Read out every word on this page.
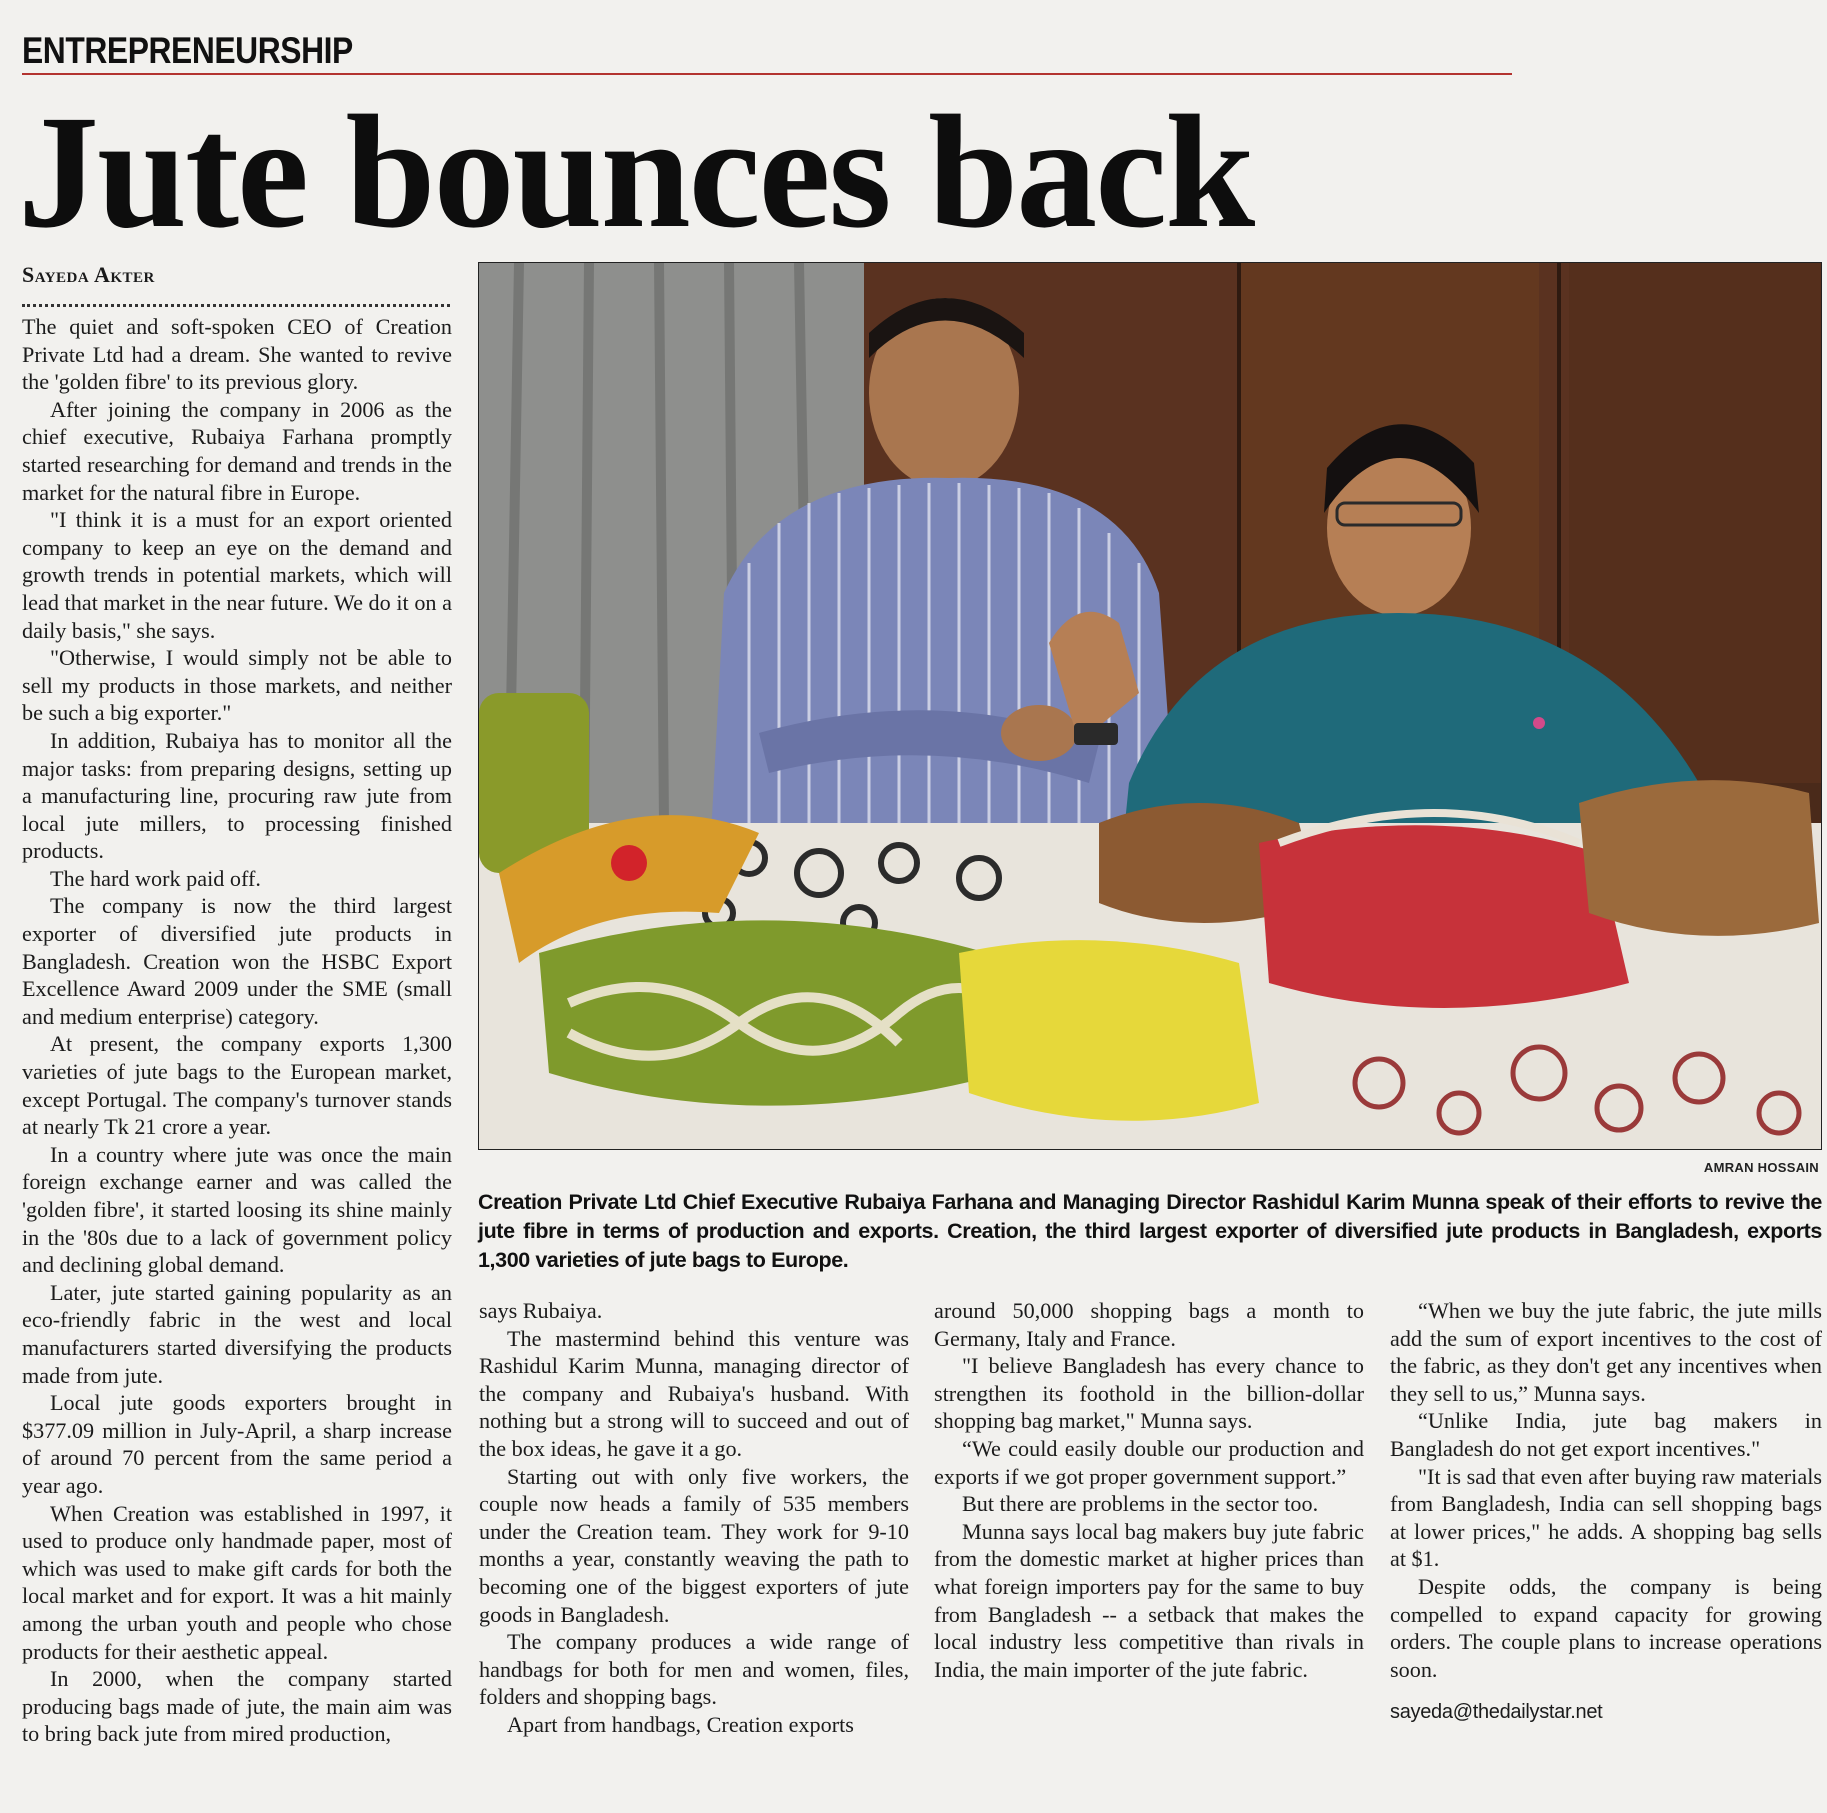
ENTREPRENEURSHIP
Jute bounces back
Sayeda Akter

The quiet and soft-spoken CEO of Creation Private Ltd had a dream. She wanted to revive the 'golden fibre' to its previous glory.

After joining the company in 2006 as the chief executive, Rubaiya Farhana promptly started researching for demand and trends in the market for the natural fibre in Europe.

"I think it is a must for an export oriented company to keep an eye on the demand and growth trends in potential markets, which will lead that market in the near future. We do it on a daily basis," she says.

"Otherwise, I would simply not be able to sell my products in those markets, and neither be such a big exporter."

In addition, Rubaiya has to monitor all the major tasks: from preparing designs, setting up a manufacturing line, procuring raw jute from local jute millers, to processing finished products.

The hard work paid off.

The company is now the third largest exporter of diversified jute products in Bangladesh. Creation won the HSBC Export Excellence Award 2009 under the SME (small and medium enterprise) category.

At present, the company exports 1,300 varieties of jute bags to the European market, except Portugal. The company's turnover stands at nearly Tk 21 crore a year.

In a country where jute was once the main foreign exchange earner and was called the 'golden fibre', it started loosing its shine mainly in the '80s due to a lack of government policy and declining global demand.

Later, jute started gaining popularity as an eco-friendly fabric in the west and local manufacturers started diversifying the products made from jute.

Local jute goods exporters brought in $377.09 million in July-April, a sharp increase of around 70 percent from the same period a year ago.

When Creation was established in 1997, it used to produce only handmade paper, most of which was used to make gift cards for both the local market and for export. It was a hit mainly among the urban youth and people who chose products for their aesthetic appeal.

In 2000, when the company started producing bags made of jute, the main aim was to bring back jute from mired production,

AMRAN HOSSAIN
Creation Private Ltd Chief Executive Rubaiya Farhana and Managing Director Rashidul Karim Munna speak of their efforts to revive the jute fibre in terms of production and exports. Creation, the third largest exporter of diversified jute products in Bangladesh, exports 1,300 varieties of jute bags to Europe.

says Rubaiya.

The mastermind behind this venture was Rashidul Karim Munna, managing director of the company and Rubaiya's husband. With nothing but a strong will to succeed and out of the box ideas, he gave it a go.

Starting out with only five workers, the couple now heads a family of 535 members under the Creation team. They work for 9-10 months a year, constantly weaving the path to becoming one of the biggest exporters of jute goods in Bangladesh.

The company produces a wide range of handbags for both for men and women, files, folders and shopping bags.

Apart from handbags, Creation exports

around 50,000 shopping bags a month to Germany, Italy and France.

"I believe Bangladesh has every chance to strengthen its foothold in the billion-dollar shopping bag market," Munna says.

“We could easily double our production and exports if we got proper government support.”

But there are problems in the sector too.

Munna says local bag makers buy jute fabric from the domestic market at higher prices than what foreign importers pay for the same to buy from Bangladesh -- a setback that makes the local industry less competitive than rivals in India, the main importer of the jute fabric.

“When we buy the jute fabric, the jute mills add the sum of export incentives to the cost of the fabric, as they don't get any incentives when they sell to us,” Munna says.

“Unlike India, jute bag makers in Bangladesh do not get export incentives."

"It is sad that even after buying raw materials from Bangladesh, India can sell shopping bags at lower prices," he adds. A shopping bag sells at $1.

Despite odds, the company is being compelled to expand capacity for growing orders. The couple plans to increase operations soon.

sayeda@thedailystar.net
